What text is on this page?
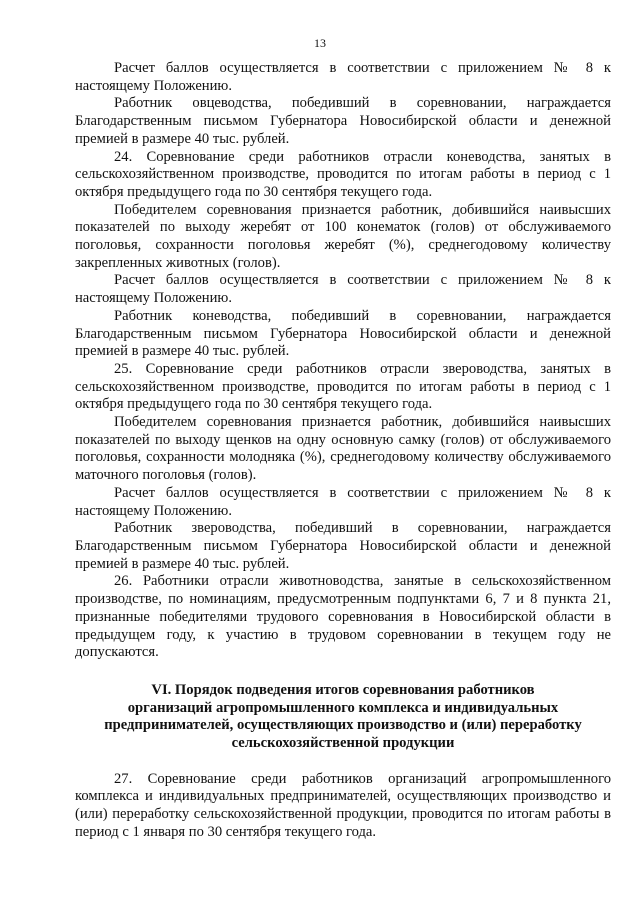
13

Расчет баллов осуществляется в соответствии с приложением № 8 к настоящему Положению.

Работник овцеводства, победивший в соревновании, награждается Благодарственным письмом Губернатора Новосибирской области и денежной премией в размере 40 тыс. рублей.

24. Соревнование среди работников отрасли коневодства, занятых в сельскохозяйственном производстве, проводится по итогам работы в период с 1 октября предыдущего года по 30 сентября текущего года.

Победителем соревнования признается работник, добившийся наивысших показателей по выходу жеребят от 100 конематок (голов) от обслуживаемого поголовья, сохранности поголовья жеребят (%), среднегодовому количеству закрепленных животных (голов).

Расчет баллов осуществляется в соответствии с приложением № 8 к настоящему Положению.

Работник коневодства, победивший в соревновании, награждается Благодарственным письмом Губернатора Новосибирской области и денежной премией в размере 40 тыс. рублей.

25. Соревнование среди работников отрасли звероводства, занятых в сельскохозяйственном производстве, проводится по итогам работы в период с 1 октября предыдущего года по 30 сентября текущего года.

Победителем соревнования признается работник, добившийся наивысших показателей по выходу щенков на одну основную самку (голов) от обслуживаемого поголовья, сохранности молодняка (%), среднегодовому количеству обслуживаемого маточного поголовья (голов).

Расчет баллов осуществляется в соответствии с приложением № 8 к настоящему Положению.

Работник звероводства, победивший в соревновании, награждается Благодарственным письмом Губернатора Новосибирской области и денежной премией в размере 40 тыс. рублей.

26. Работники отрасли животноводства, занятые в сельскохозяйственном производстве, по номинациям, предусмотренным подпунктами 6, 7 и 8 пункта 21, признанные победителями трудового соревнования в Новосибирской области в предыдущем году, к участию в трудовом соревновании в текущем году не допускаются.

VI. Порядок подведения итогов соревнования работников
организаций агропромышленного комплекса и индивидуальных
предпринимателей, осуществляющих производство и (или) переработку
сельскохозяйственной продукции

27. Соревнование среди работников организаций агропромышленного комплекса и индивидуальных предпринимателей, осуществляющих производство и (или) переработку сельскохозяйственной продукции, проводится по итогам работы в период с 1 января по 30 сентября текущего года.
